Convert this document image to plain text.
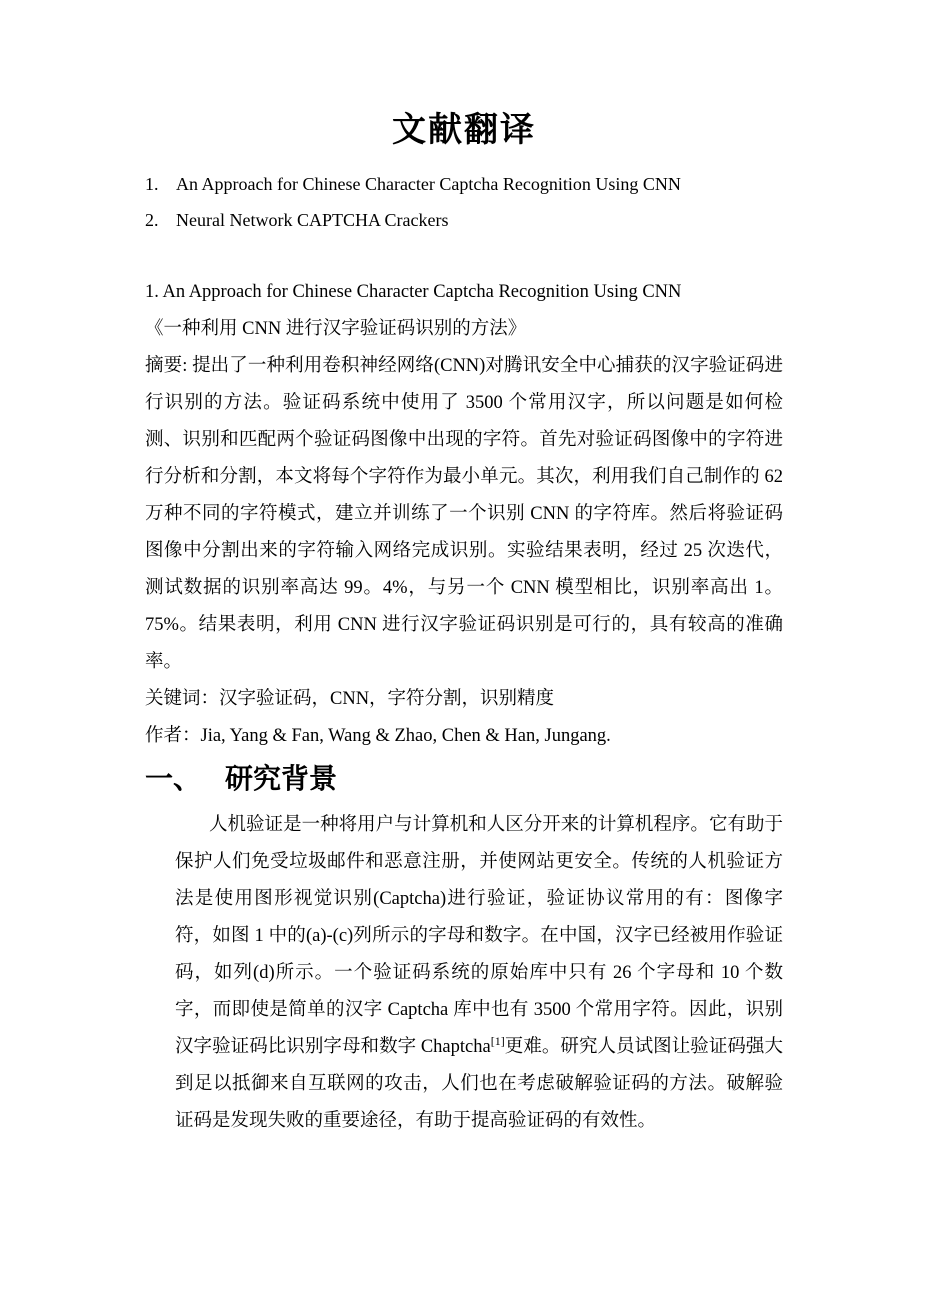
文献翻译
1. An Approach for Chinese Character Captcha Recognition Using CNN
2. Neural Network CAPTCHA Crackers

1. An Approach for Chinese Character Captcha Recognition Using CNN

《一种利用 CNN 进行汉字验证码识别的方法》

摘要: 提出了一种利用卷积神经网络(CNN)对腾讯安全中心捕获的汉字验证码进行识别的方法。验证码系统中使用了 3500 个常用汉字，所以问题是如何检测、识别和匹配两个验证码图像中出现的字符。首先对验证码图像中的字符进行分析和分割，本文将每个字符作为最小单元。其次，利用我们自己制作的 62 万种不同的字符模式，建立并训练了一个识别 CNN 的字符库。然后将验证码图像中分割出来的字符输入网络完成识别。实验结果表明，经过 25 次迭代，测试数据的识别率高达 99。4%，与另一个 CNN 模型相比，识别率高出 1。75%。结果表明，利用 CNN 进行汉字验证码识别是可行的，具有较高的准确率。

关键词：汉字验证码，CNN，字符分割，识别精度

作者：Jia, Yang & Fan, Wang & Zhao, Chen & Han, Jungang.

一、 研究背景

人机验证是一种将用户与计算机和人区分开来的计算机程序。它有助于保护人们免受垃圾邮件和恶意注册，并使网站更安全。传统的人机验证方法是使用图形视觉识别(Captcha)进行验证，验证协议常用的有：图像字符，如图 1 中的(a)-(c)列所示的字母和数字。在中国，汉字已经被用作验证码，如列(d)所示。一个验证码系统的原始库中只有 26 个字母和 10 个数字，而即使是简单的汉字 Captcha 库中也有 3500 个常用字符。因此，识别汉字验证码比识别字母和数字 Chaptcha[1]更难。研究人员试图让验证码强大到足以抵御来自互联网的攻击，人们也在考虑破解验证码的方法。破解验证码是发现失败的重要途径，有助于提高验证码的有效性。
